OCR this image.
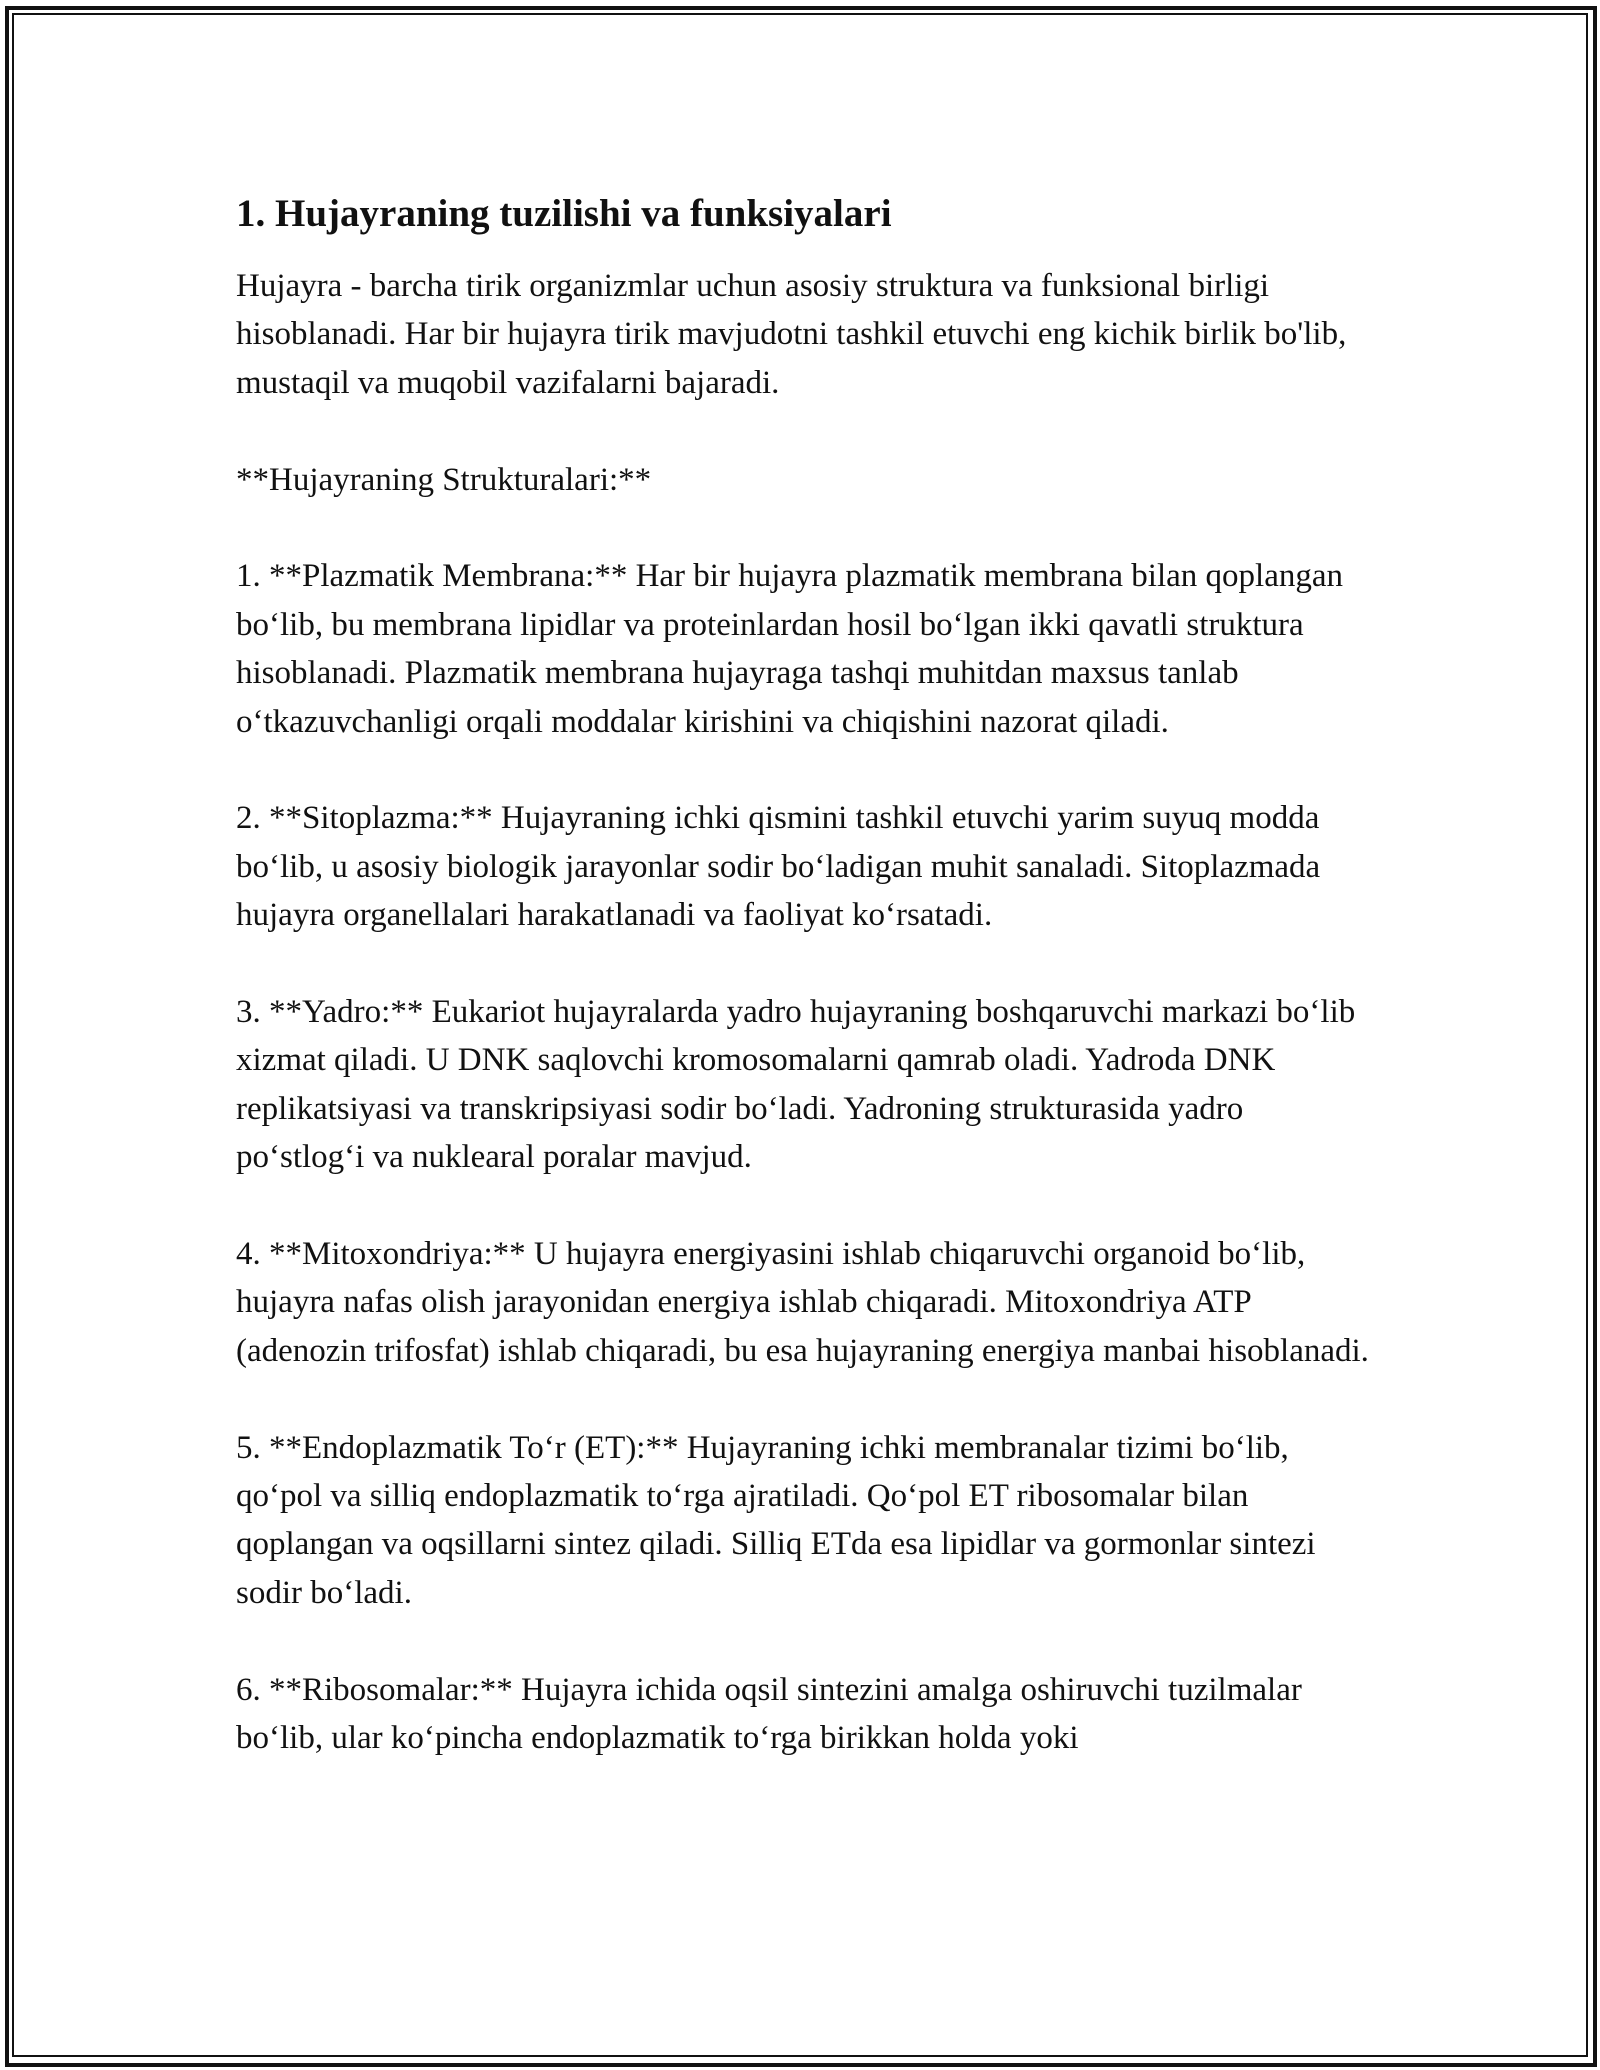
1. Hujayraning tuzilishi va funksiyalari

Hujayra - barcha tirik organizmlar uchun asosiy struktura va funksional birligi hisoblanadi. Har bir hujayra tirik mavjudotni tashkil etuvchi eng kichik birlik bo'lib, mustaqil va muqobil vazifalarni bajaradi.

**Hujayraning Strukturalari:**

1. **Plazmatik Membrana:** Har bir hujayra plazmatik membrana bilan qoplangan bo‘lib, bu membrana lipidlar va proteinlardan hosil bo‘lgan ikki qavatli struktura hisoblanadi. Plazmatik membrana hujayraga tashqi muhitdan maxsus tanlab o‘tkazuvchanligi orqali moddalar kirishini va chiqishini nazorat qiladi.

2. **Sitoplazma:** Hujayraning ichki qismini tashkil etuvchi yarim suyuq modda bo‘lib, u asosiy biologik jarayonlar sodir bo‘ladigan muhit sanaladi. Sitoplazmada hujayra organellalari harakatlanadi va faoliyat ko‘rsatadi.

3. **Yadro:** Eukariot hujayralarda yadro hujayraning boshqaruvchi markazi bo‘lib xizmat qiladi. U DNK saqlovchi kromosomalarni qamrab oladi. Yadroda DNK replikatsiyasi va transkripsiyasi sodir bo‘ladi. Yadroning strukturasida yadro po‘stlog‘i va nuklearal poralar mavjud.

4. **Mitoxondriya:** U hujayra energiyasini ishlab chiqaruvchi organoid bo‘lib, hujayra nafas olish jarayonidan energiya ishlab chiqaradi. Mitoxondriya ATP (adenozin trifosfat) ishlab chiqaradi, bu esa hujayraning energiya manbai hisoblanadi.

5. **Endoplazmatik To‘r (ET):** Hujayraning ichki membranalar tizimi bo‘lib, qo‘pol va silliq endoplazmatik to‘rga ajratiladi. Qo‘pol ET ribosomalar bilan qoplangan va oqsillarni sintez qiladi. Silliq ETda esa lipidlar va gormonlar sintezi sodir bo‘ladi.

6. **Ribosomalar:** Hujayra ichida oqsil sintezini amalga oshiruvchi tuzilmalar bo‘lib, ular ko‘pincha endoplazmatik to‘rga birikkan holda yoki
